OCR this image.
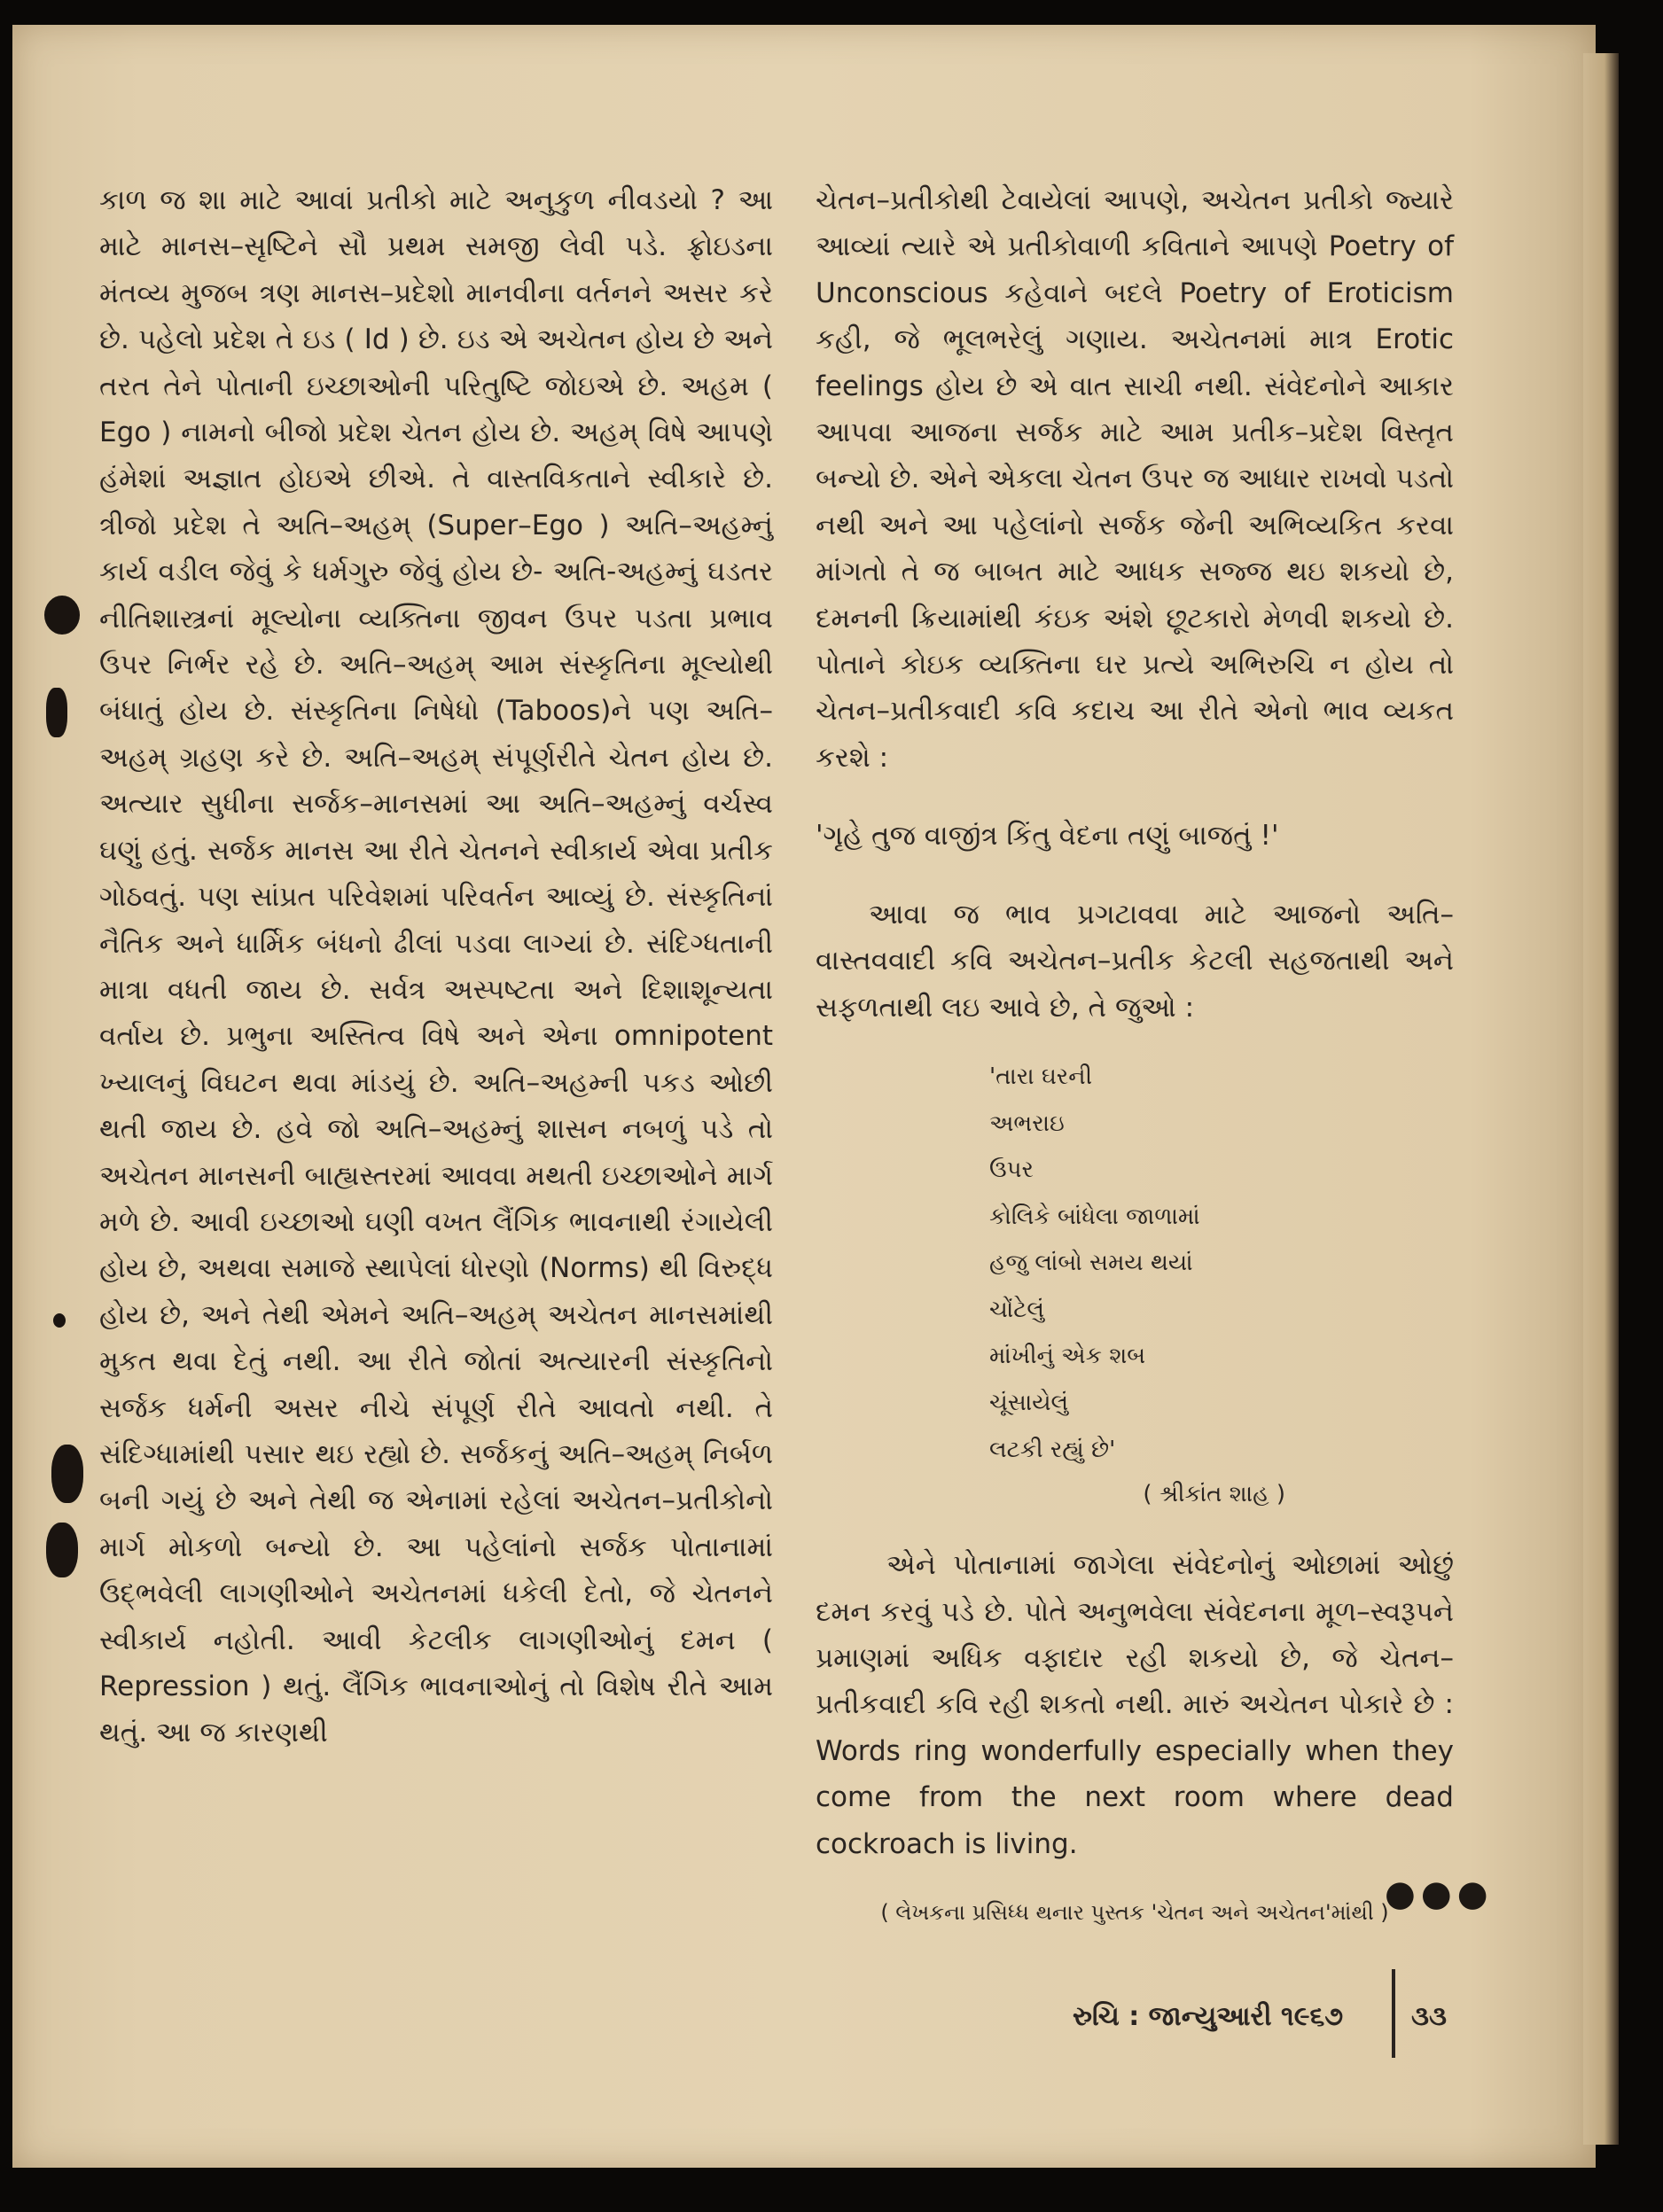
કાળ જ શા માટે આવાં પ્રતીકો માટે અનુકુળ નીવડયો ? આ માટે માનસ–સૃષ્ટિને સૌ પ્રથમ સમજી લેવી પડે. ફ્રોઇડના મંતવ્ય મુજબ ત્રણ માનસ–પ્રદેશો માનવીના વર્તનને અસર કરે છે. પહેલો પ્રદેશ તે ઇડ ( Id ) છે. ઇડ એ અચેતન હોય છે અને તરત તેને પોતાની ઇચ્છાઓની પરિતુષ્ટિ જોઇએ છે. અહમ ( Ego ) નામનો બીજો પ્રદેશ ચેતન હોય છે. અહમ્ વિષે આપણે હંમેશાં અજ્ઞાત હોઇએ છીએ. તે વાસ્તવિકતાને સ્વીકારે છે. ત્રીજો પ્રદેશ તે અતિ–અહમ્ (Super–Ego ) અતિ–અહમ્નું કાર્ય વડીલ જેવું કે ધર્મગુરુ જેવું હોય છે- અતિ-અહમ્નું ઘડતર નીતિશાસ્ત્રનાં મૂલ્યોના વ્યક્તિના જીવન ઉપર પડતા પ્રભાવ ઉપર નિર્ભર રહે છે. અતિ–અહમ્ આમ સંસ્કૃતિના મૂલ્યોથી બંધાતું હોય છે. સંસ્કૃતિના નિષેધો (Taboos)ને પણ અતિ–અહમ્ ગ્રહણ કરે છે. અતિ–અહમ્ સંપૂર્ણરીતે ચેતન હોય છે. અત્યાર સુધીના સર્જક–માનસમાં આ અતિ–અહમ્નું વર્ચસ્વ ઘણું હતું. સર્જક માનસ આ રીતે ચેતનને સ્વીકાર્ય એવા પ્રતીક ગોઠવતું. પણ સાંપ્રત પરિવેશમાં પરિવર્તન આવ્યું છે. સંસ્કૃતિનાં નૈતિક અને ધાર્મિક બંધનો ઢીલાં પડવા લાગ્યાં છે. સંદિગ્ધતાની માત્રા વધતી જાય છે. સર્વત્ર અસ્પષ્ટતા અને દિશાશૂન્યતા વર્તાય છે. પ્રભુના અસ્તિત્વ વિષે અને એના omnipotent ખ્યાલનું વિઘટન થવા માંડયું છે. અતિ–અહમ્ની પકડ ઓછી થતી જાય છે. હવે જો અતિ–અહમ્નું શાસન નબળું પડે તો અચેતન માનસની બાહ્યસ્તરમાં આવવા મથતી ઇચ્છાઓને માર્ગ મળે છે. આવી ઇચ્છાઓ ઘણી વખત લૈંગિક ભાવનાથી રંગાયેલી હોય છે, અથવા સમાજે સ્થાપેલાં ધોરણો (Norms) થી વિરુદ્ધ હોય છે, અને તેથી એમને અતિ–અહમ્ અચેતન માનસમાંથી મુકત થવા દેતું નથી. આ રીતે જોતાં અત્યારની સંસ્કૃતિનો સર્જક ધર્મની અસર નીચે સંપૂર્ણ રીતે આવતો નથી. તે સંદિગ્ધામાંથી પસાર થઇ રહ્યો છે. સર્જકનું અતિ–અહમ્ નિર્બળ બની ગયું છે અને તેથી જ એનામાં રહેલાં અચેતન–પ્રતીકોનો માર્ગ મોકળો બન્યો છે. આ પહેલાંનો સર્જક પોતાનામાં ઉદ્ભવેલી લાગણીઓને અચેતનમાં ધકેલી દેતો, જે ચેતનને સ્વીકાર્ય નહોતી. આવી કેટલીક લાગણીઓનું દમન ( Repression ) થતું. લૈંગિક ભાવનાઓનું તો વિશેષ રીતે આમ થતું. આ જ કારણથી

ચેતન–પ્રતીકોથી ટેવાયેલાં આપણે, અચેતન પ્રતીકો જ્યારે આવ્યાં ત્યારે એ પ્રતીકોવાળી કવિતાને આપણે Poetry of Unconscious કહેવાને બદલે Poetry of Eroticism કહી, જે ભૂલભરેલું ગણાય. અચેતનમાં માત્ર Erotic feelings હોય છે એ વાત સાચી નથી. સંવેદનોને આકાર આપવા આજના સર્જક માટે આમ પ્રતીક–પ્રદેશ વિસ્તૃત બન્યો છે. એને એકલા ચેતન ઉપર જ આધાર રાખવો પડતો નથી અને આ પહેલાંનો સર્જક જેની અભિવ્યકિત કરવા માંગતો તે જ બાબત માટે આધક સજ્જ થઇ શકયો છે, દમનની ક્રિયામાંથી કંઇક અંશે છૂટકારો મેળવી શકયો છે. પોતાને કોઇક વ્યક્તિના ઘર પ્રત્યે અભિરુચિ ન હોય તો ચેતન–પ્રતીકવાદી કવિ કદાચ આ રીતે એનો ભાવ વ્યકત કરશે :

'ગૃહે તુજ વાજીંત્ર કિંતુ વેદના તણું બાજતું !'

આવા જ ભાવ પ્રગટાવવા માટે આજનો અતિ–વાસ્તવવાદી કવિ અચેતન–પ્રતીક કેટલી સહજતાથી અને સફળતાથી લઇ આવે છે, તે જુઓ :

'તારા ઘરની
અભરાઇ
ઉપર
કોલિકે બાંધેલા જાળામાં
હજુ લાંબો સમય થયાં
ચોંટેલું
માંખીનું એક શબ
ચૂંસાયેલું
લટકી રહ્યું છે'
( શ્રીકાંત શાહ )

એને પોતાનામાં જાગેલા સંવેદનોનું ઓછામાં ઓછું દમન કરવું પડે છે. પોતે અનુભવેલા સંવેદનના મૂળ–સ્વરૂપને પ્રમાણમાં અધિક વફાદાર રહી શકયો છે, જે ચેતન–પ્રતીકવાદી કવિ રહી શકતો નથી. મારું અચેતન પોકારે છે : Words ring wonderfully especially when they come from the next room where dead cockroach is living.

( લેખકના પ્રસિધ્ધ થનાર પુસ્તક 'ચેતન અને અચેતન'માંથી )
●●●
રુચિ : જાન્યુઆરી ૧૯૬૭	૩૩
